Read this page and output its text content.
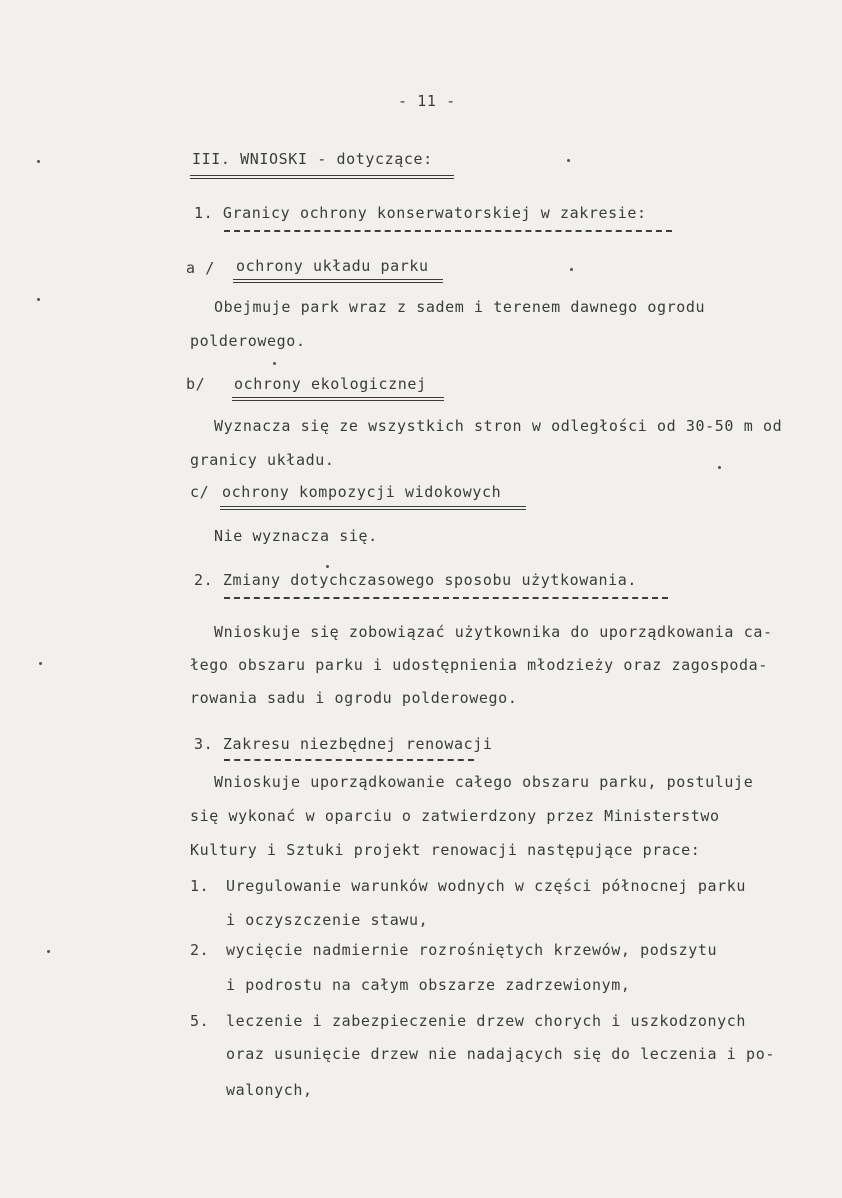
- 11 -
III. WNIOSKI - dotyczące:
1. Granicy ochrony konserwatorskiej w zakresie:
a / ochrony układu parku
Obejmuje park wraz z sadem i terenem dawnego ogrodu
polderowego.
b/ ochrony ekologicznej
Wyznacza się ze wszystkich stron w odległości od 30-50 m od
granicy układu.
c/ ochrony kompozycji widokowych
Nie wyznacza się.
2. Zmiany dotychczasowego sposobu użytkowania.
Wnioskuje się zobowiązać użytkownika do uporządkowania ca-
łego obszaru parku i udostępnienia młodzieży oraz zagospoda-
rowania sadu i ogrodu polderowego.
3. Zakresu niezbędnej renowacji
Wnioskuje uporządkowanie całego obszaru parku, postuluje
się wykonać w oparciu o zatwierdzony przez Ministerstwo
Kultury i Sztuki projekt renowacji następujące prace:
1. Uregulowanie warunków wodnych w części północnej parku
i oczyszczenie stawu,
2. wycięcie nadmiernie rozrośniętych krzewów, podszytu
i podrostu na całym obszarze zadrzewionym,
5. leczenie i zabezpieczenie drzew chorych i uszkodzonych
oraz usunięcie drzew nie nadających się do leczenia i po-
walonych,
